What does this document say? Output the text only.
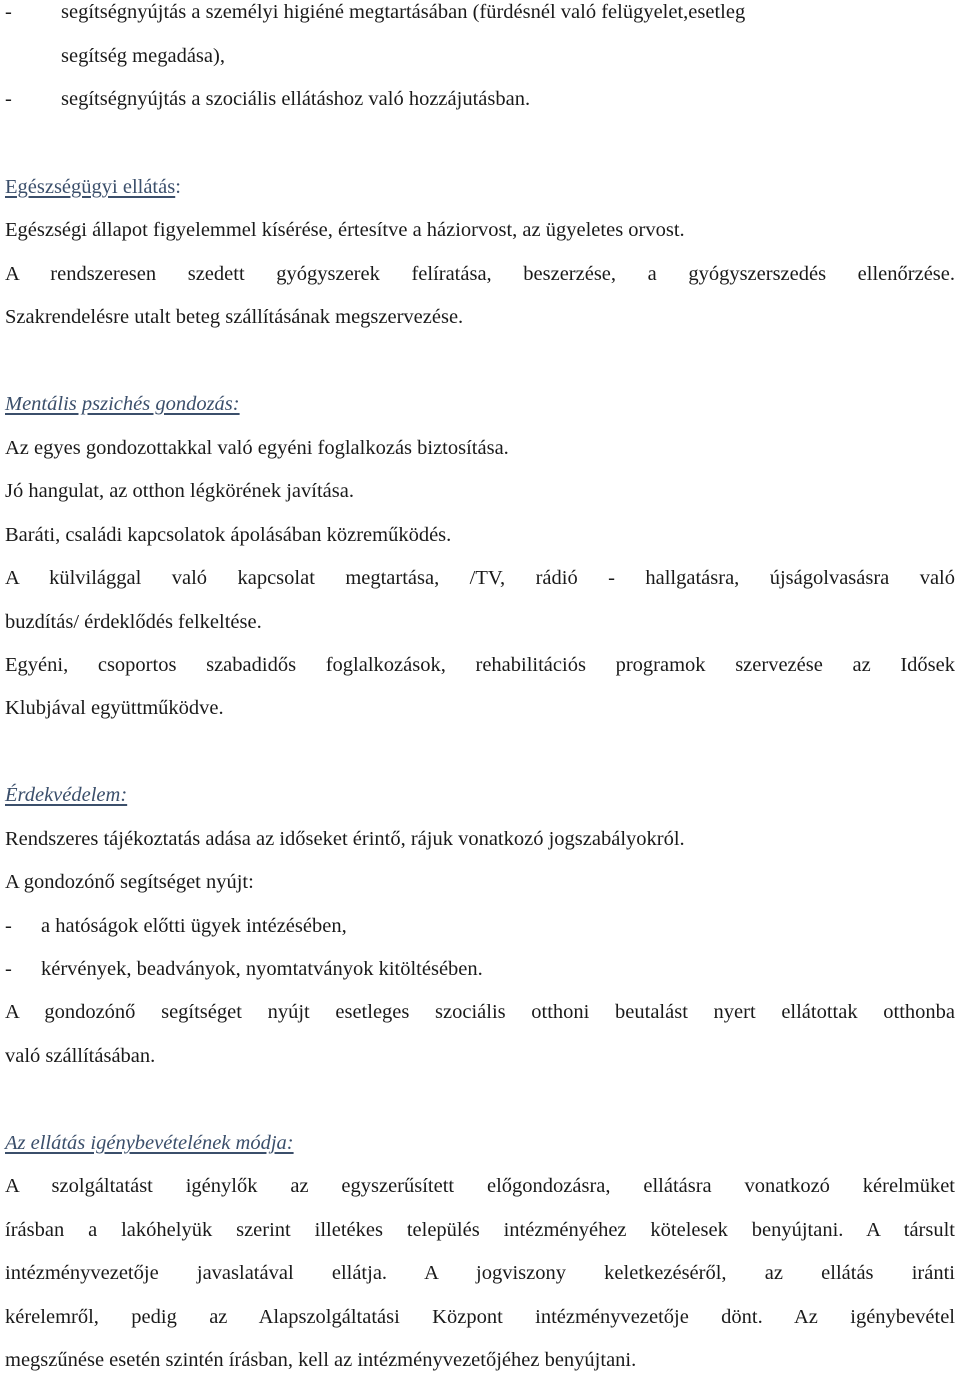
- segítségnyújtás a személyi higiéné megtartásában (fürdésnél való felügyelet,esetleg
segítség megadása),
- segítségnyújtás a szociális ellátáshoz való hozzájutásban.
Egészségügyi ellátás:
Egészségi állapot figyelemmel kísérése, értesítve a háziorvost, az ügyeletes orvost.
A rendszeresen szedett gyógyszerek felíratása, beszerzése, a gyógyszerszedés ellenőrzése.
Szakrendelésre utalt beteg szállításának megszervezése.
Mentális pszichés gondozás:
Az egyes gondozottakkal való egyéni foglalkozás biztosítása.
Jó hangulat, az otthon légkörének javítása.
Baráti, családi kapcsolatok ápolásában közreműködés.
A külvilággal való kapcsolat megtartása, /TV, rádió - hallgatásra, újságolvasásra való
buzdítás/ érdeklődés felkeltése.
Egyéni, csoportos szabadidős foglalkozások, rehabilitációs programok szervezése az Idősek
Klubjával együttműködve.
Érdekvédelem:
Rendszeres tájékoztatás adása az időseket érintő, rájuk vonatkozó jogszabályokról.
A gondozónő segítséget nyújt:
- a hatóságok előtti ügyek intézésében,
- kérvények, beadványok, nyomtatványok kitöltésében.
A gondozónő segítséget nyújt esetleges szociális otthoni beutalást nyert ellátottak otthonba
való szállításában.
Az ellátás igénybevételének módja:
A szolgáltatást igénylők az egyszerűsített előgondozásra, ellátásra vonatkozó kérelmüket
írásban a lakóhelyük szerint illetékes település intézményéhez kötelesek benyújtani. A társult
intézményvezetője javaslatával ellátja. A jogviszony keletkezéséről, az ellátás iránti
kérelemről, pedig az Alapszolgáltatási Központ intézményvezetője dönt. Az igénybevétel
megszűnése esetén szintén írásban, kell az intézményvezetőjéhez benyújtani.
